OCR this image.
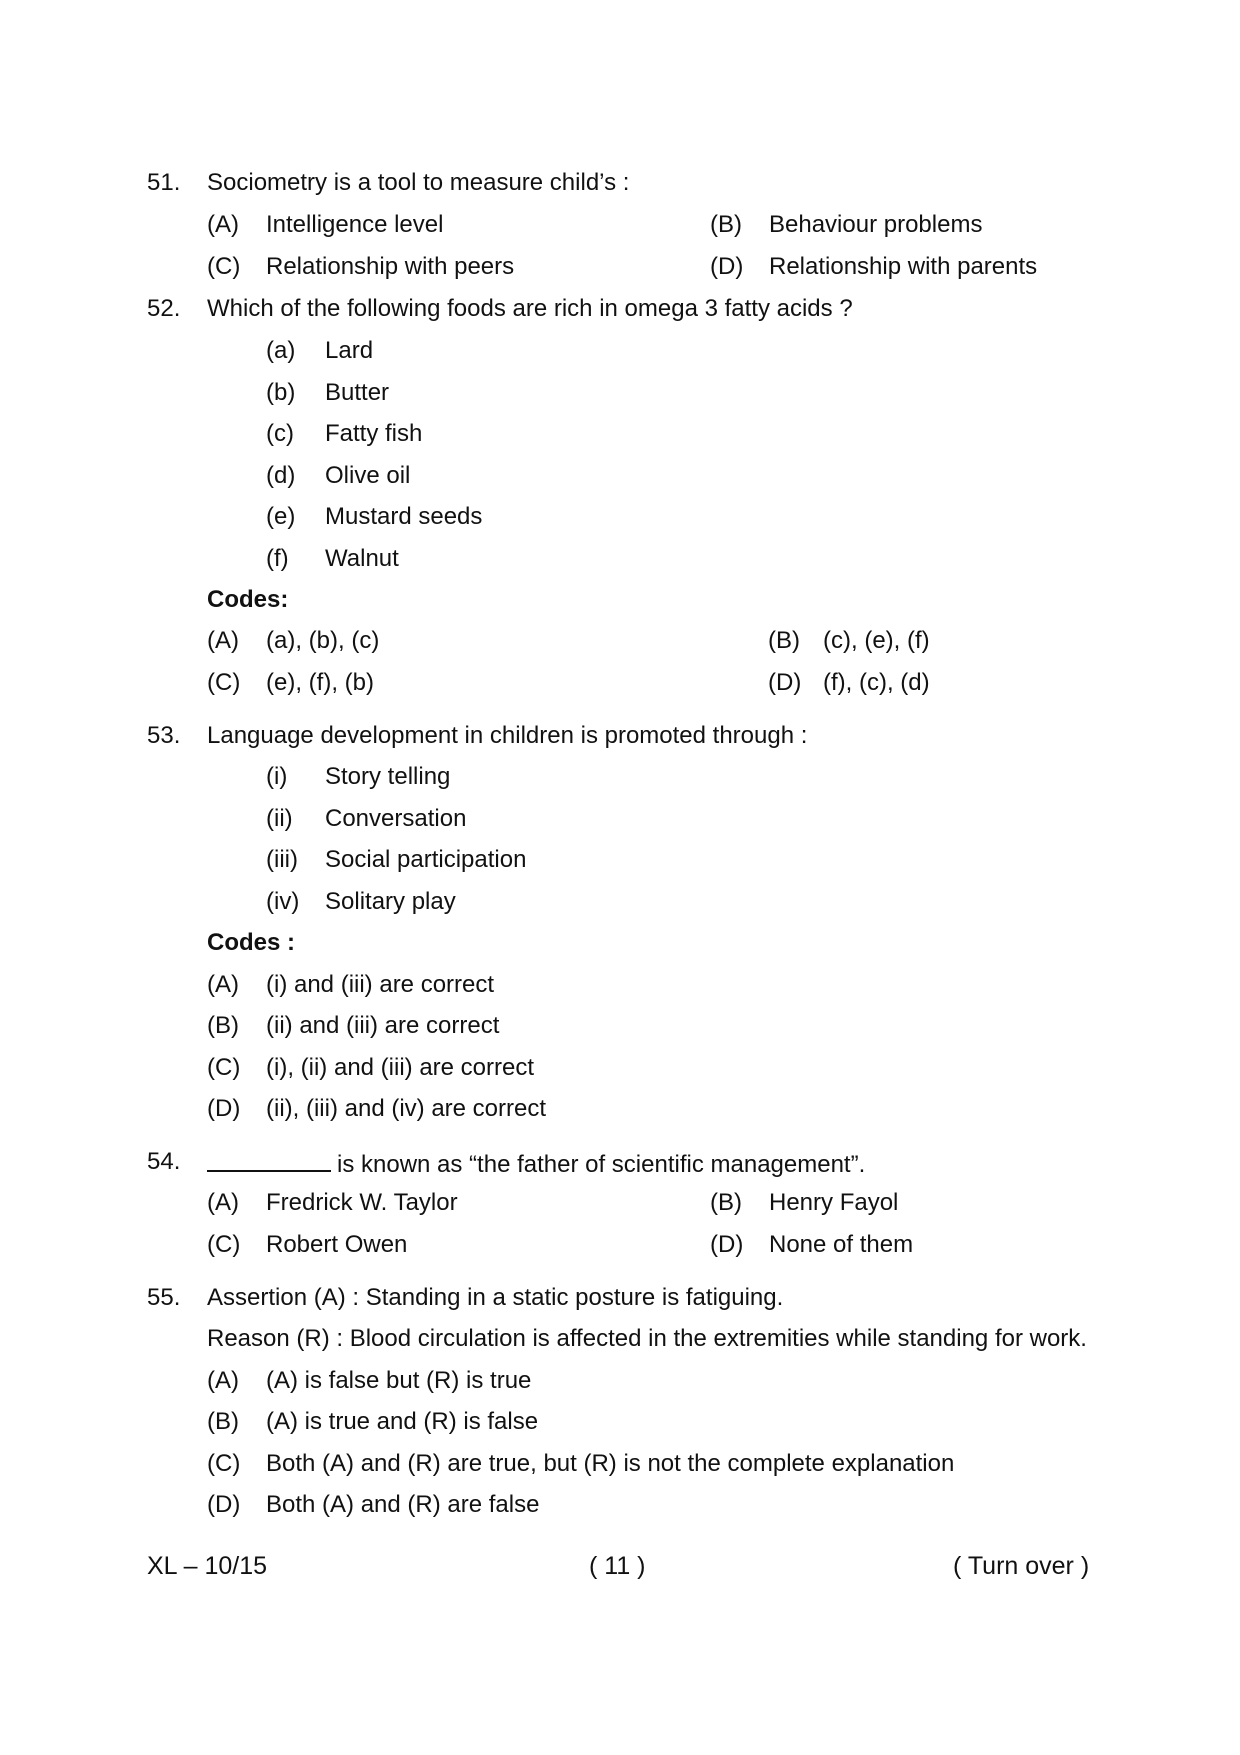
51. Sociometry is a tool to measure child’s :
(A) Intelligence level	(B) Behaviour problems
(C) Relationship with peers	(D) Relationship with parents
52. Which of the following foods are rich in omega 3 fatty acids ?
(a) Lard
(b) Butter
(c) Fatty fish
(d) Olive oil
(e) Mustard seeds
(f) Walnut
Codes:
(A) (a), (b), (c)	(B) (c), (e), (f)
(C) (e), (f), (b)	(D) (f), (c), (d)
53. Language development in children is promoted through :
(i) Story telling
(ii) Conversation
(iii) Social participation
(iv) Solitary play
Codes :
(A) (i) and (iii) are correct
(B) (ii) and (iii) are correct
(C) (i), (ii) and (iii) are correct
(D) (ii), (iii) and (iv) are correct
54.	is known as “the father of scientific management”.
(A) Fredrick W. Taylor	(B) Henry Fayol
(C) Robert Owen	(D) None of them
55. Assertion (A) : Standing in a static posture is fatiguing.
Reason (R) : Blood circulation is affected in the extremities while standing for work.
(A) (A) is false but (R) is true
(B) (A) is true and (R) is false
(C) Both (A) and (R) are true, but (R) is not the complete explanation
(D) Both (A) and (R) are false
XL – 10/15	( 11 )	( Turn over )
